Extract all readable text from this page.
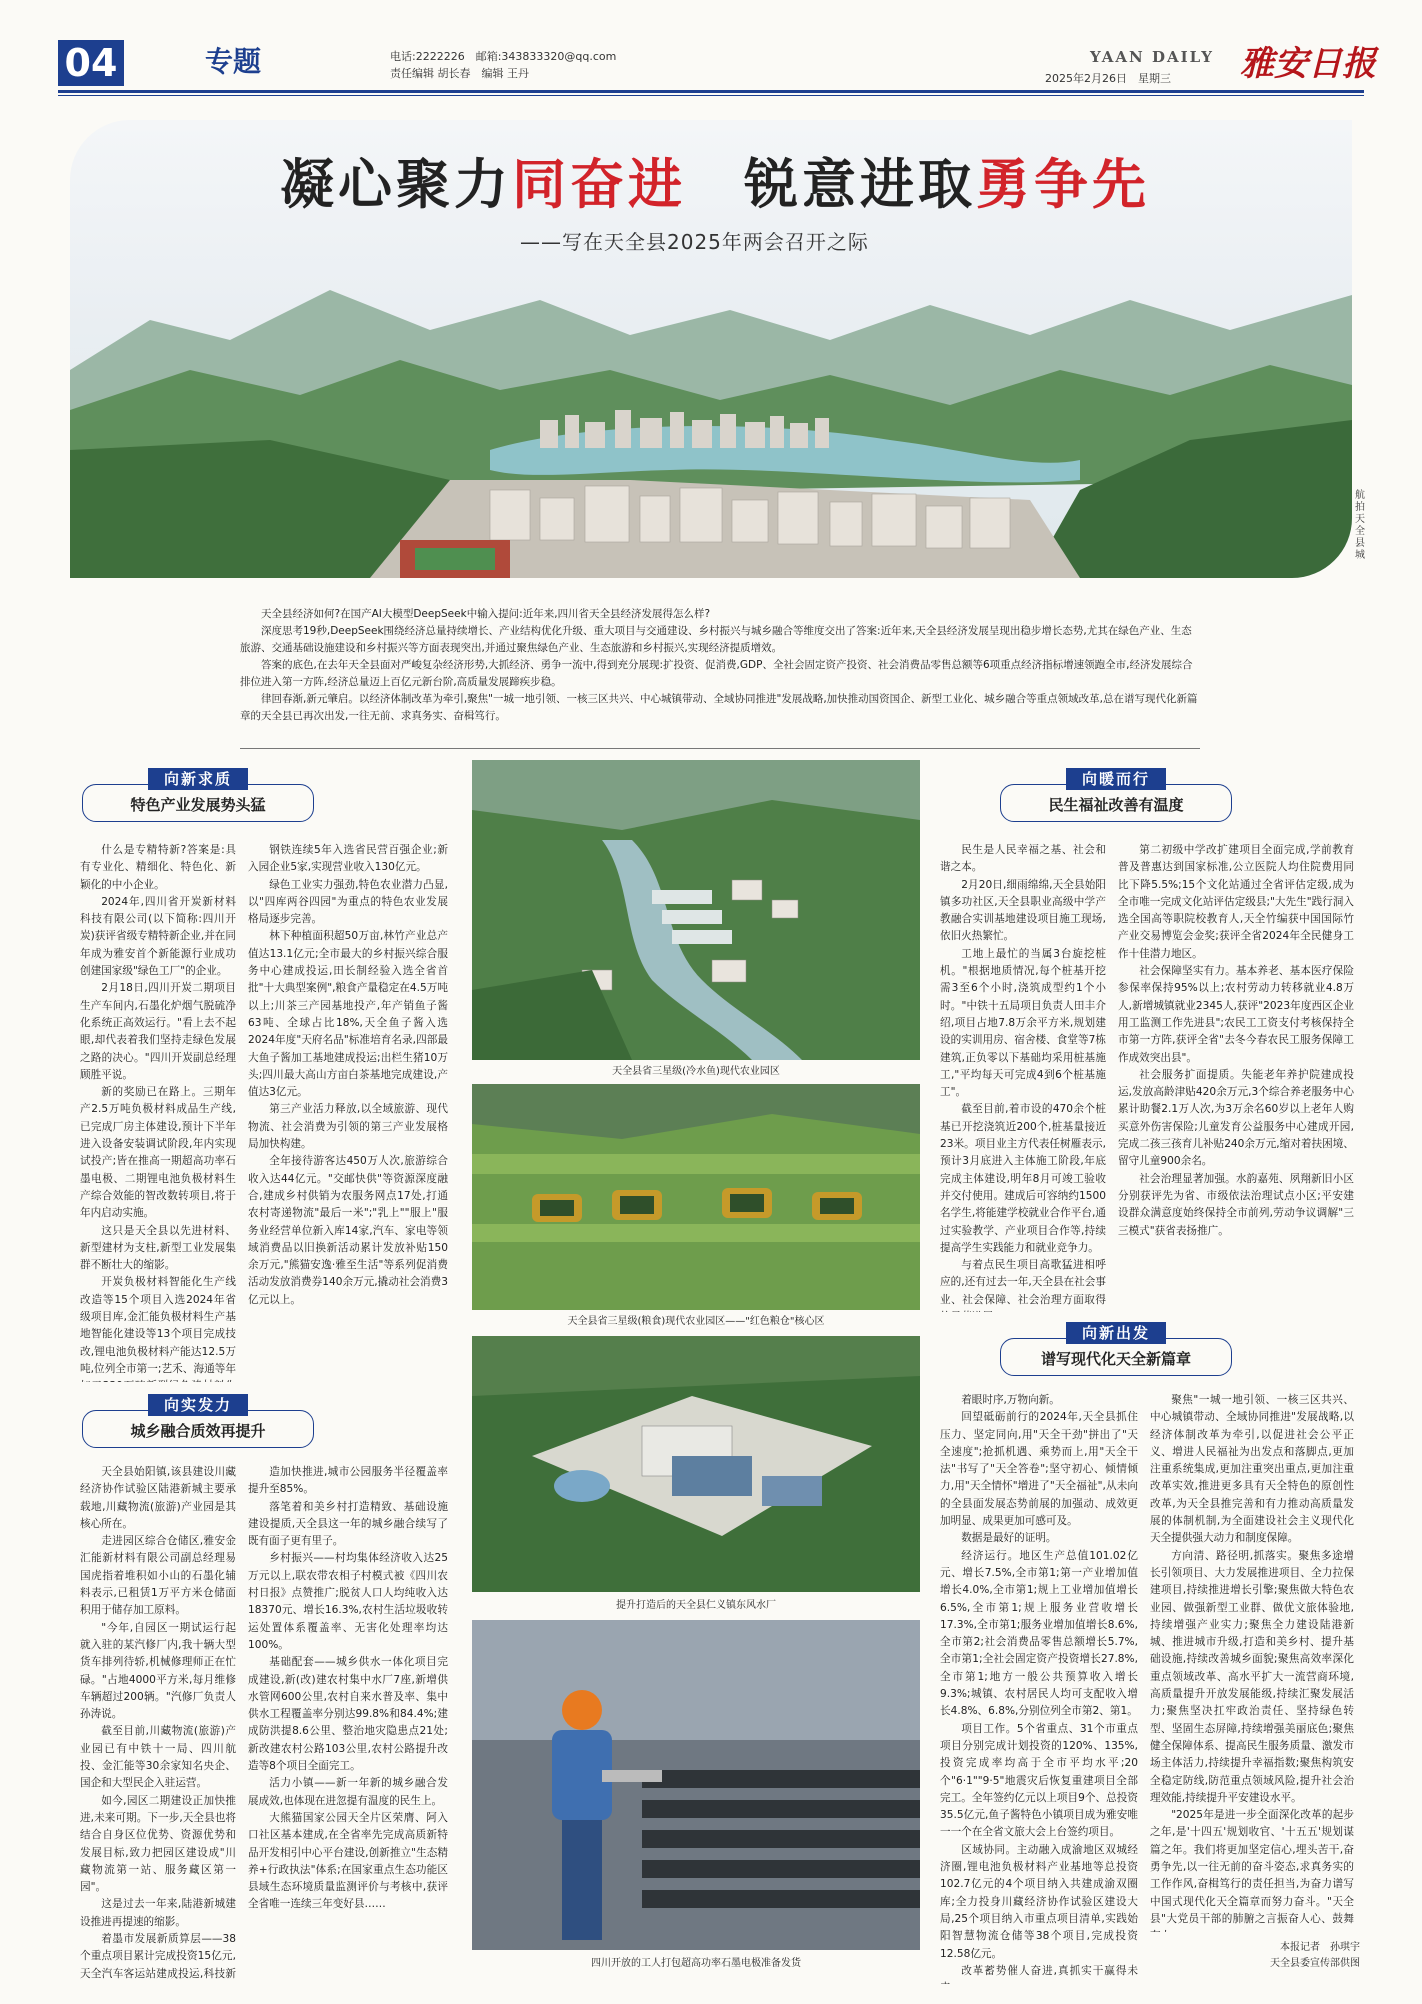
04	专题	电话:2222226　邮箱:343833320@qq.com
责任编辑 胡长春　编辑 王丹
YAAN DAILY
2025年2月26日　星期三 雅安日报
凝心聚力同奋进  锐意进取勇争先
——写在天全县2025年两会召开之际
航拍天全县城

天全县经济如何?在国产AI大模型DeepSeek中输入提问:近年来,四川省天全县经济发展得怎么样?

深度思考19秒,DeepSeek围绕经济总量持续增长、产业结构优化升级、重大项目与交通建设、乡村振兴与城乡融合等维度交出了答案:近年来,天全县经济发展呈现出稳步增长态势,尤其在绿色产业、生态旅游、交通基础设施建设和乡村振兴等方面表现突出,并通过聚焦绿色产业、生态旅游和乡村振兴,实现经济提质增效。

答案的底色,在去年天全县面对严峻复杂经济形势,大抓经济、勇争一流中,得到充分展现:扩投资、促消费,GDP、全社会固定资产投资、社会消费品零售总额等6项重点经济指标增速领跑全市,经济发展综合排位进入第一方阵,经济总量迈上百亿元新台阶,高质量发展蹄疾步稳。

律回春渐,新元肇启。以经济体制改革为牵引,聚焦"一城一地引领、一核三区共兴、中心城镇带动、全域协同推进"发展战略,加快推动国资国企、新型工业化、城乡融合等重点领域改革,总在谱写现代化新篇章的天全县已再次出发,一往无前、求真务实、奋楫笃行。

向新求质
特色产业发展势头猛
向实发力
城乡融合质效再提升
向暖而行
民生福祉改善有温度
向新出发
谱写现代化天全新篇章

什么是专精特新?答案是:具有专业化、精细化、特色化、新颖化的中小企业。

2024年,四川省开炭新材料科技有限公司(以下简称:四川开炭)获评省级专精特新企业,并在同年成为雅安首个新能源行业成功创建国家级"绿色工厂"的企业。

2月18日,四川开炭二期项目生产车间内,石墨化炉烟气脱硫净化系统正高效运行。"看上去不起眼,却代表着我们坚持走绿色发展之路的决心。"四川开炭副总经理顾胜平说。

新的奖励已在路上。三期年产2.5万吨负极材料成品生产线,已完成厂房主体建设,预计下半年进入设备安装调试阶段,年内实现试投产;皆在推高一期超高功率石墨电极、二期锂电池负极材料生产综合效能的智改数转项目,将于年内启动实施。

这只是天全县以先进材料、新型建材为支柱,新型工业发展集群不断壮大的缩影。

开炭负极材料智能化生产线改造等15个项目入选2024年省级项目库,金汇能负极材料生产基地智能化建设等13个项目完成技改,锂电池负极材料产能达12.5万吨,位列全市第一;艺禾、海通等年

钢铁连续5年入选省民营百强企业;新入园企业5家,实现营业收入130亿元。

绿色工业实力强劲,特色农业潜力凸显,以"四库两谷四园"为重点的特色农业发展格局逐步完善。

林下种植面积超50万亩,林竹产业总产值达13.1亿元;全市最大的乡村振兴综合服务中心建成投运,田长制经验入选全省首批"十大典型案例",粮食产量稳定在4.5万吨以上;川茶三产园基地投产,年产销鱼子酱63吨、全球占比18%,天全鱼子酱入选2024年度"天府名品"标准培育名录,四部最大鱼子酱加工基地建成投运;出栏生猪10万头;四川最大高山方亩白茶基地完成建设,产值达3亿元。

第三产业活力释放,以全域旅游、现代物流、社会消费为引领的第三产业发展格局加快构建。

全年接待游客达450万人次,旅游综合收入达44亿元。"交邮快供"等资源深度融合,建成乡村供销为农服务网点17处,打通农村寄递物流"最后一米";"乳上""服上"服务业经营单位新入库14家,汽车、家电等领域消费品以旧换新活动累计发放补贴150余万元,"熊猫安逸·雅至生活"等系列促消费活动发放消费券140余万元,撬动社会消费3亿元以上。

天全县始阳镇,该县建设川藏经济协作试验区陆港新城主要承载地,川藏物流(旅游)产业园是其核心所在。

走进园区综合仓储区,雅安金汇能新材料有限公司副总经理易国虎指着堆积如小山的石墨化辅料表示,已租赁1万平方米仓储面积用于储存加工原料。

"今年,自园区一期试运行起就入驻的某汽修厂内,我十辆大型货车排列待轿,机械修理师正在忙碌。"占地4000平方米,每月维修车辆超过200辆。"汽修厂负责人孙涛说。

截至目前,川藏物流(旅游)产业园已有中铁十一局、四川航投、金汇能等30余家知名央企、国企和大型民企入驻运营。

如今,园区二期建设正加快推进,未来可期。下一步,天全县也将结合自身区位优势、资源优势和发展目标,致力把园区建设成"川藏物流第一站、服务藏区第一园"。

这是过去一年来,陆港新城建设推进再提速的缩影。

着墨市发展新质算层——38个重点项目累计完成投资15亿元,天全汽车客运站建成投运,科技新

造加快推进,城市公园服务半径覆盖率提升至85%。

落笔着和美乡村打造精致、基础设施建设提质,天全县这一年的城乡融合续写了既有面子更有里子。

乡村振兴——村均集体经济收入达25万元以上,联农带农相子村模式被《四川农村日报》点赞推广;脱贫人口人均纯收入达18370元、增长16.3%,农村生活垃圾收转运处置体系覆盖率、无害化处理率均达100%。

基础配套——城乡供水一体化项目完成建设,新(改)建农村集中水厂7座,新增供水管网600公里,农村自来水普及率、集中供水工程覆盖率分别达99.8%和84.4%;建成防洪提8.6公里、整治地灾隐患点21处;新改建农村公路103公里,农村公路提升改造等8个项目全面完工。

活力小镇——新一年新的城乡融合发展成效,也体现在进忽提有温度的民生上。

大熊猫国家公园天全片区荣膺、阿入口社区基本建成,在全省率先完成高质新特品开发相引中心平台建设,创新推立"生态精养+行政执法"体系;在国家重点生态功能区县域生态环境质量监测评价与考核中,获评全省唯一连续三年变好县……

民生是人民幸福之基、社会和谐之本。

2月20日,细雨绵绵,天全县始阳镇多功社区,天全县职业高级中学产教融合实训基地建设项目施工现场,依旧火热繁忙。

工地上最忙的当属3台旋挖桩机。"根据地质情况,每个桩基开挖需3至6个小时,浇筑成型约1个小时。"中铁十五局项目负责人田丰介绍,项目占地7.8万余平方米,规划建设的实训用房、宿舍楼、食堂等7栋建筑,正负零以下基础均采用桩基施工,"平均每天可完成4到6个桩基施工"。

截至目前,着市设的470余个桩基已开挖浇筑近200个,桩基量接近23米。项目业主方代表任树雁表示,预计3月底进入主体施工阶段,年底完成主体建设,明年8月可竣工验收并交付使用。建成后可容纳约1500名学生,将能建学校就业合作平台,通过实验教学、产业项目合作等,持续提高学生实践能力和就业竞争力。

与着点民生项目高歌猛进相呼应的,还有过去一年,天全县在社会事业、社会保障、社会治理方面取得

第二初级中学改扩建项目全面完成,学前教育普及普惠达到国家标准,公立医院人均住院费用同比下降5.5%;15个文化站通过全省评估定级,成为全市唯一完成文化站评估定级县;"大先生"践行洞入选全国高等职院校教育人,天全竹编获中国国际竹产业交易博览会金奖;获评全省2024年全民健身工作十佳潜力地区。

社会保障坚实有力。基本养老、基本医疗保险参保率保持95%以上;农村劳动力转移就业4.8万人,新增城镇就业2345人,获评"2023年度西区企业用工监测工作先进县";农民工工资支付考核保持全市第一方阵,获评全省"去冬今春农民工服务保障工作成效突出县"。

社会服务扩面提质。失能老年养护院建成投运,发放高龄津贴420余万元,3个综合养老服务中心累计助餐2.1万人次,为3万余名60岁以上老年人购买意外伤害保险;儿童发育公益服务中心建成开园,完成二孩三孩育儿补贴240余万元,缩对着扶困境、留守儿童900余名。

社会治理显著加强。水韵嘉苑、夙翔新旧小区分别获评先为省、市级依法治理试点小区;平安建设群众满意度始终保持全市前列,劳动争议调解"三三模式"获省表扬推广。

着眼时序,万物向新。

回望砥砺前行的2024年,天全县抓住压力、坚定同向,用"天全干劲"拼出了"天全速度";抢抓机遇、乘势而上,用"天全干法"书写了"天全答卷";坚守初心、倾情倾力,用"天全情怀"增进了"天全福祉",从未向的全县面发展态势前展的加强动、成效更加明显、成果更加可感可及。

数据是最好的证明。

经济运行。地区生产总值101.02亿元、增长7.5%,全市第1;第一产业增加值增长4.0%,全市第1;规上工业增加值增长6.5%,全市第1;规上服务业营收增长17.3%,全市第1;服务业增加值增长8.6%,全市第2;社会消费品零售总额增长5.7%,全市第1;全社会固定资产投资增长27.8%,全市第1;地方一般公共预算收入增长9.3%;城镇、农村居民人均可支配收入增长4.8%、6.8%,分别位列全市第2、第1。

项目工作。5个省重点、31个市重点项目分别完成计划投资的120%、135%,投资完成率均高于全市平均水平;20个"6·1""9·5"地震灾后恢复重建项目全部完工。全年签约亿元以上项目9个、总投资35.5亿元,鱼子酱特色小镇项目成为雅安唯一一个在全省文旅大会上台签约项目。

区域协同。主动融入成渝地区双城经济圈,锂电池负极材料产业基地等总投资102.7亿元的4个项目纳入共建成渝双圈库;全力投身川藏经济协作试验区建设大局,25个项目纳入市重点项目清单,实践始阳智慧物流仓储等38个项目,完成投资12.58亿元。

改革蓄势催人奋进,真抓实干赢得未

聚焦"一城一地引领、一核三区共兴、中心城镇带动、全域协同推进"发展战略,以经济体制改革为牵引,以促进社会公平正义、增进人民福祉为出发点和落脚点,更加注重系统集成,更加注重突出重点,更加注重改革实效,推进更多具有天全特色的原创性改革,为天全县推完善和有力推动高质量发展的体制机制,为全面建设社会主义现代化天全提供强大动力和制度保障。

方向清、路径明,抓落实。聚焦多途增长引领项目、大力发展推进项目、全力拉保建项目,持续推进增长引擎;聚焦做大特色农业园、做强新型工业群、做优文旅体验地,持续增强产业实力;聚焦全力建设陆港新城、推进城市升级,打造和美乡村、提升基础设施,持续改善城乡面貌;聚焦高效率深化重点领域改革、高水平扩大一流营商环境,高质量提升开放发展能级,持续汇聚发展活力;聚焦坚决扛牢政治责任、坚持绿色转型、坚固生态屏障,持续增强美丽底色;聚焦健全保障体系、提高民生服务质量、激发市场主体活力,持续提升幸福指数;聚焦构筑安全稳定防线,防范重点领域风险,提升社会治理效能,持续提升平安建设水平。

"2025年是进一步全面深化改革的起步之年,是'十四五'规划收官、'十五五'规划谋篇之年。我们将更加坚定信心,埋头苦干,奋勇争先,以一往无前的奋斗姿态,求真务实的工作作风,奋楫笃行的责任担当,为奋力谱写中国式现代化天全篇章而努力奋斗。"天全县"大党员干部的肺腑之言振奋人心、鼓舞

本报记者　孙琪宇
天全县委宣传部供图
天全县省三星级(冷水鱼)现代农业园区
天全县省三星级(粮食)现代农业园区——"红色粮仓"核心区
提升打造后的天全县仁义镇东风水厂
四川开放的工人打包超高功率石墨电极准备发货
